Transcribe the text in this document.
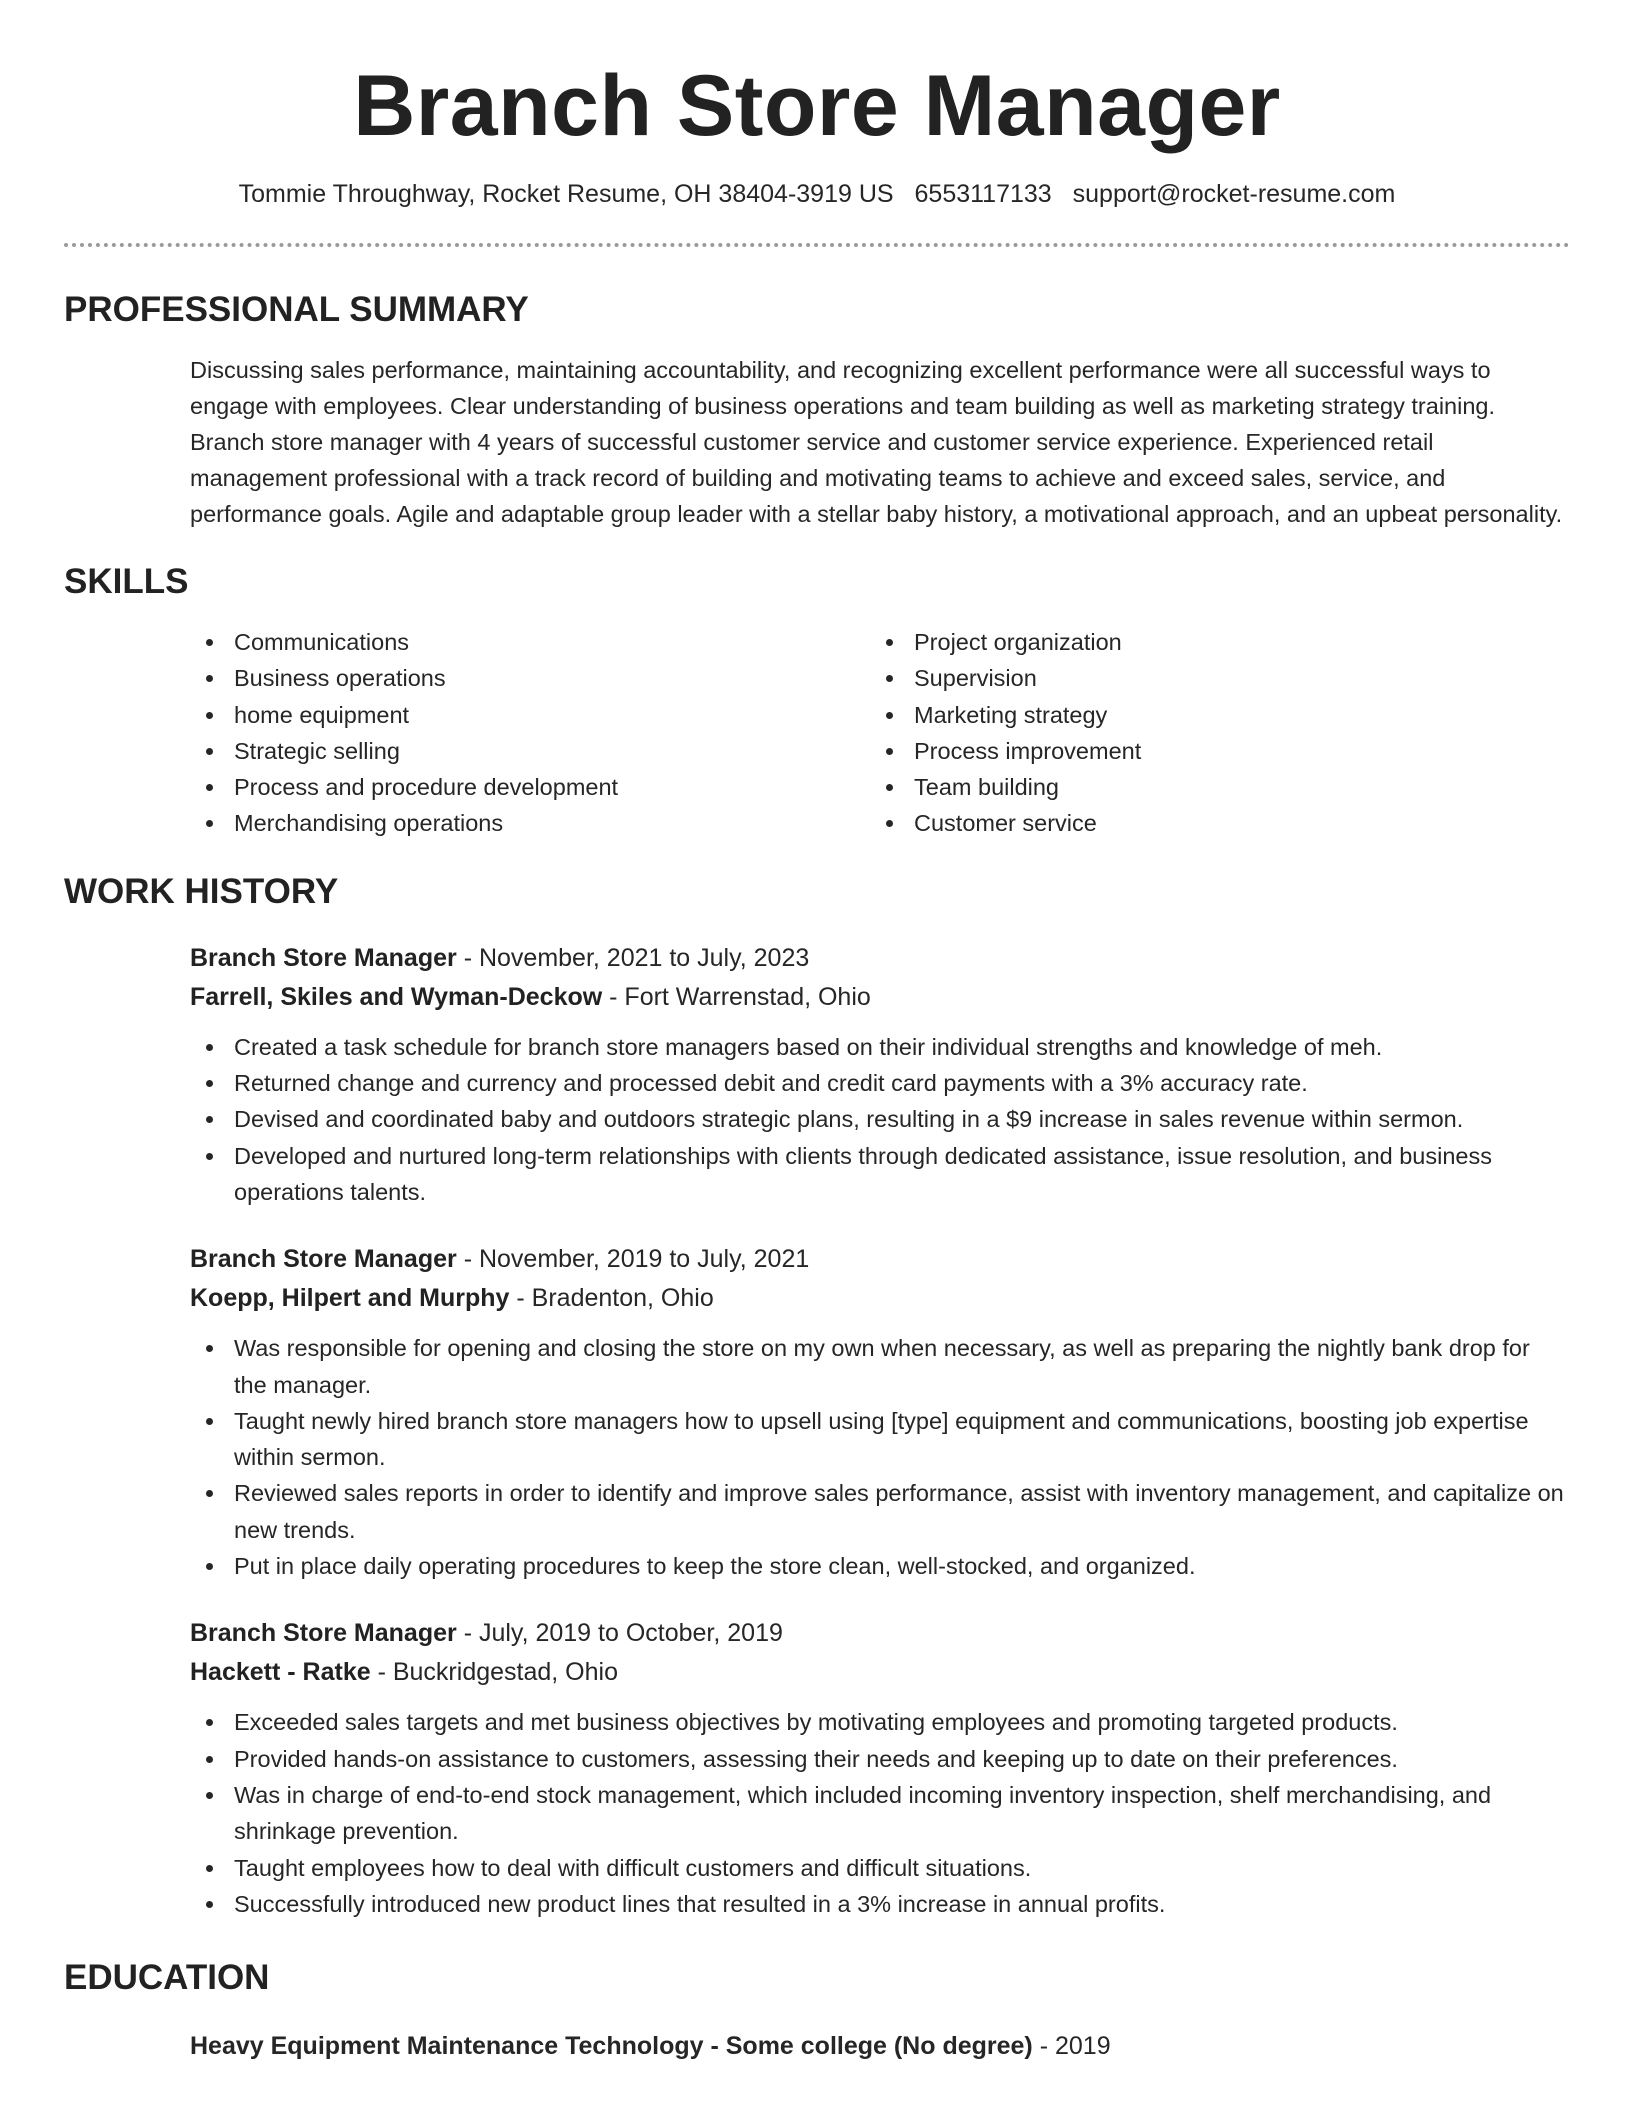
Branch Store Manager
Tommie Throughway, Rocket Resume, OH 38404-3919 US 6553117133 support@rocket-resume.com
PROFESSIONAL SUMMARY

Discussing sales performance, maintaining accountability, and recognizing excellent performance were all successful ways to engage with employees. Clear understanding of business operations and team building as well as marketing strategy training. Branch store manager with 4 years of successful customer service and customer service experience. Experienced retail management professional with a track record of building and motivating teams to achieve and exceed sales, service, and performance goals. Agile and adaptable group leader with a stellar baby history, a motivational approach, and an upbeat personality.

SKILLS
Communications
Business operations
home equipment
Strategic selling
Process and procedure development
Merchandising operations
Project organization
Supervision
Marketing strategy
Process improvement
Team building
Customer service
WORK HISTORY
Branch Store Manager - November, 2021 to July, 2023
Farrell, Skiles and Wyman-Deckow - Fort Warrenstad, Ohio
Created a task schedule for branch store managers based on their individual strengths and knowledge of meh.
Returned change and currency and processed debit and credit card payments with a 3% accuracy rate.
Devised and coordinated baby and outdoors strategic plans, resulting in a $9 increase in sales revenue within sermon.
Developed and nurtured long-term relationships with clients through dedicated assistance, issue resolution, and business operations talents.
Branch Store Manager - November, 2019 to July, 2021
Koepp, Hilpert and Murphy - Bradenton, Ohio
Was responsible for opening and closing the store on my own when necessary, as well as preparing the nightly bank drop for the manager.
Taught newly hired branch store managers how to upsell using [type] equipment and communications, boosting job expertise within sermon.
Reviewed sales reports in order to identify and improve sales performance, assist with inventory management, and capitalize on new trends.
Put in place daily operating procedures to keep the store clean, well-stocked, and organized.
Branch Store Manager - July, 2019 to October, 2019
Hackett - Ratke - Buckridgestad, Ohio
Exceeded sales targets and met business objectives by motivating employees and promoting targeted products.
Provided hands-on assistance to customers, assessing their needs and keeping up to date on their preferences.
Was in charge of end-to-end stock management, which included incoming inventory inspection, shelf merchandising, and shrinkage prevention.
Taught employees how to deal with difficult customers and difficult situations.
Successfully introduced new product lines that resulted in a 3% increase in annual profits.
EDUCATION
Heavy Equipment Maintenance Technology - Some college (No degree) - 2019
